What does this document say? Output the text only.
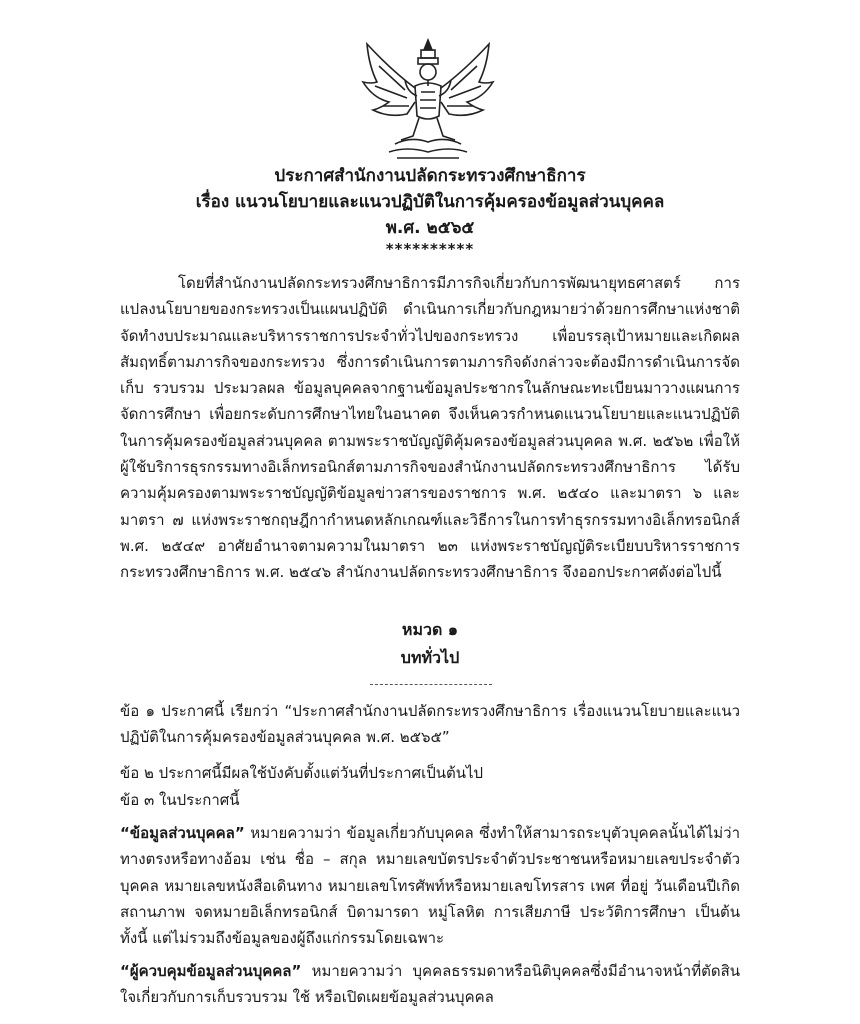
ประกาศสำนักงานปลัดกระทรวงศึกษาธิการ
เรื่อง แนวนโยบายและแนวปฏิบัติในการคุ้มครองข้อมูลส่วนบุคคล
พ.ศ. ๒๕๖๕
**********
โดยที่สำนักงานปลัดกระทรวงศึกษาธิการมีภารกิจเกี่ยวกับการพัฒนายุทธศาสตร์ การแปลงนโยบายของกระทรวงเป็นแผนปฏิบัติ ดำเนินการเกี่ยวกับกฎหมายว่าด้วยการศึกษาแห่งชาติ จัดทำงบประมาณและบริหารราชการประจำทั่วไปของกระทรวง เพื่อบรรลุเป้าหมายและเกิดผลสัมฤทธิ์ตามภารกิจของกระทรวง ซึ่งการดำเนินการตามภารกิจดังกล่าวจะต้องมีการดำเนินการจัดเก็บ รวบรวม ประมวลผล ข้อมูลบุคคลจากฐานข้อมูลประชากรในลักษณะทะเบียนมาวางแผนการจัดการศึกษา เพื่อยกระดับการศึกษาไทยในอนาคต จึงเห็นควรกำหนดแนวนโยบายและแนวปฏิบัติในการคุ้มครองข้อมูลส่วนบุคคล ตามพระราชบัญญัติคุ้มครองข้อมูลส่วนบุคคล พ.ศ. ๒๕๖๒ เพื่อให้ผู้ใช้บริการธุรกรรมทางอิเล็กทรอนิกส์ตามภารกิจของสำนักงานปลัดกระทรวงศึกษาธิการ ได้รับความคุ้มครองตามพระราชบัญญัติข้อมูลข่าวสารของราชการ พ.ศ. ๒๕๔๐ และมาตรา ๖ และมาตรา ๗ แห่งพระราชกฤษฎีกากำหนดหลักเกณฑ์และวิธีการในการทำธุรกรรมทางอิเล็กทรอนิกส์ พ.ศ. ๒๕๔๙ อาศัยอำนาจตามความในมาตรา ๒๓ แห่งพระราชบัญญัติระเบียบบริหารราชการกระทรวงศึกษาธิการ พ.ศ. ๒๕๔๖ สำนักงานปลัดกระทรวงศึกษาธิการ จึงออกประกาศดังต่อไปนี้
หมวด ๑
บททั่วไป
ข้อ ๑ ประกาศนี้ เรียกว่า “ประกาศสำนักงานปลัดกระทรวงศึกษาธิการ เรื่องแนวนโยบายและแนวปฏิบัติในการคุ้มครองข้อมูลส่วนบุคคล พ.ศ. ๒๕๖๕”
ข้อ ๒ ประกาศนี้มีผลใช้บังคับตั้งแต่วันที่ประกาศเป็นต้นไป
ข้อ ๓ ในประกาศนี้
“ข้อมูลส่วนบุคคล” หมายความว่า ข้อมูลเกี่ยวกับบุคคล ซึ่งทำให้สามารถระบุตัวบุคคลนั้นได้ไม่ว่าทางตรงหรือทางอ้อม เช่น ชื่อ – สกุล หมายเลขบัตรประจำตัวประชาชนหรือหมายเลขประจำตัวบุคคล หมายเลขหนังสือเดินทาง หมายเลขโทรศัพท์หรือหมายเลขโทรสาร เพศ ที่อยู่ วันเดือนปีเกิด สถานภาพ จดหมายอิเล็กทรอนิกส์ บิดามารดา หมู่โลหิต การเสียภาษี ประวัติการศึกษา เป็นต้น ทั้งนี้ แต่ไม่รวมถึงข้อมูลของผู้ถึงแก่กรรมโดยเฉพาะ
“ผู้ควบคุมข้อมูลส่วนบุคคล” หมายความว่า บุคคลธรรมดาหรือนิติบุคคลซึ่งมีอำนาจหน้าที่ตัดสินใจเกี่ยวกับการเก็บรวบรวม ใช้ หรือเปิดเผยข้อมูลส่วนบุคคล
